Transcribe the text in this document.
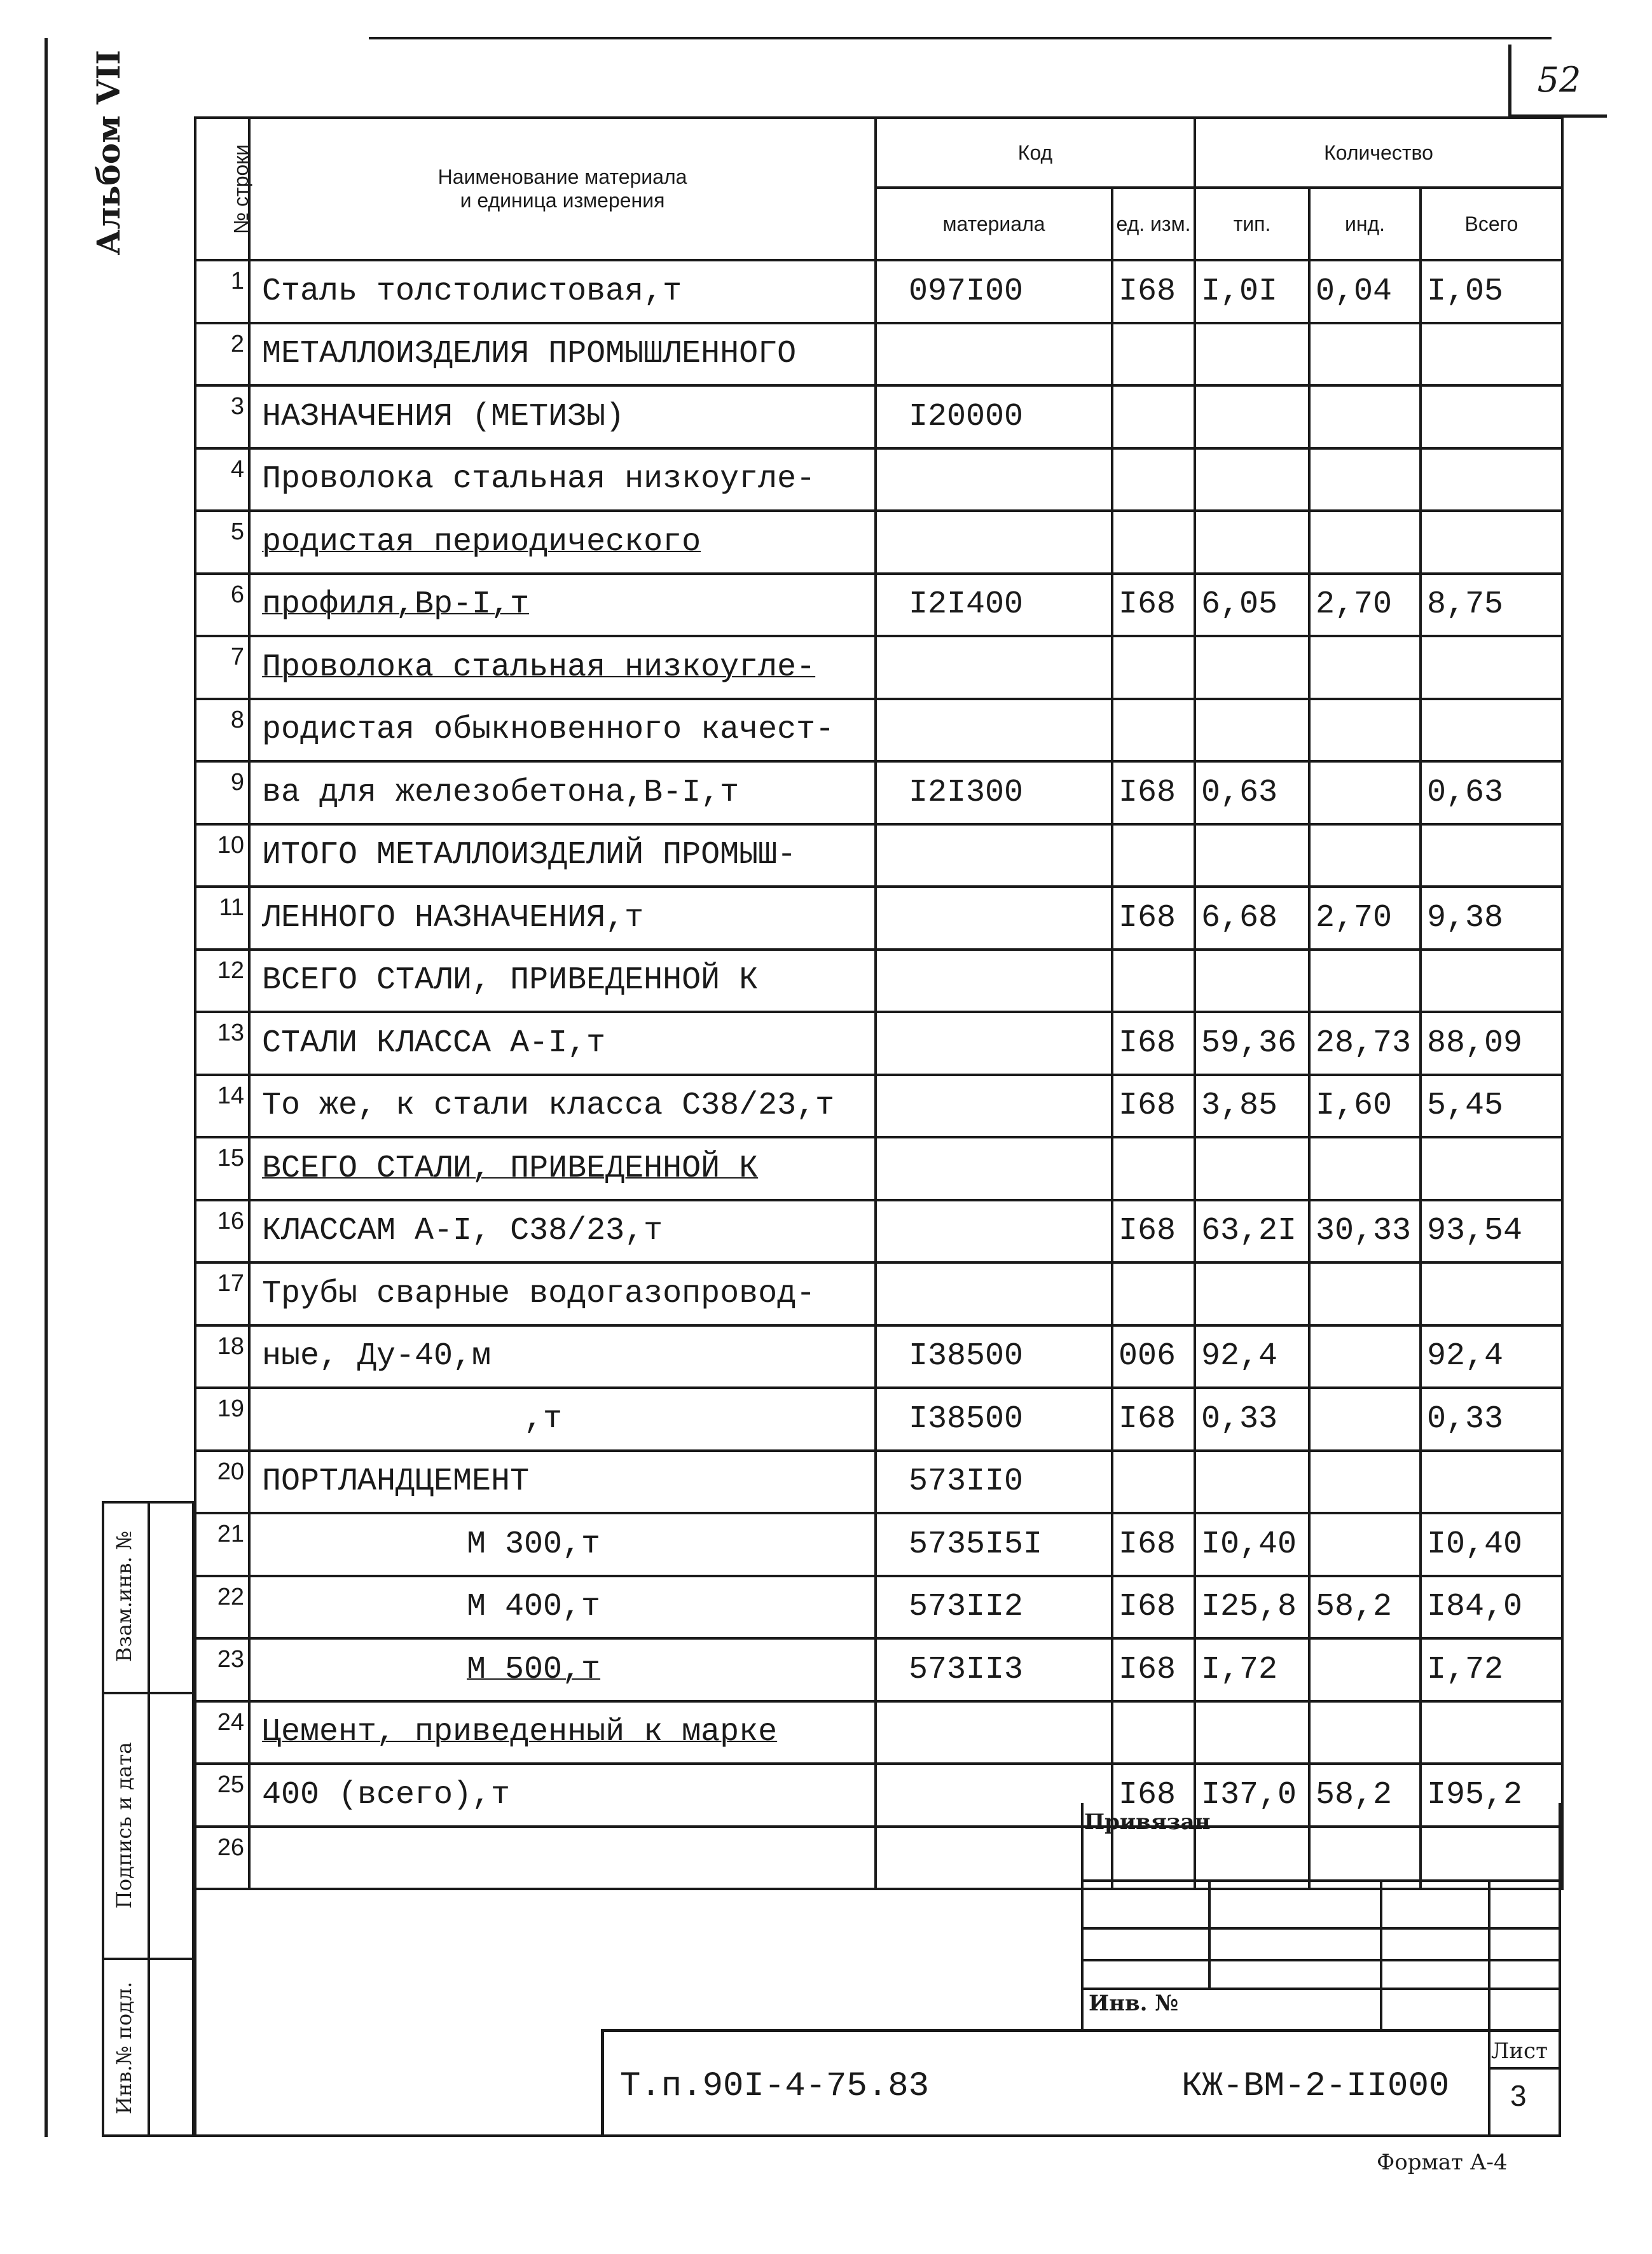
52
Альбом VII	№ строки	Наименование материала
и единица измерения	Код		Количество		
		материала	ед. изм.	тип.	инд.	Всего
1	Сталь толстолистовая,т	097I00	I68	I,0I	0,04	I,05
2	МЕТАЛЛОИЗДЕЛИЯ ПРОМЫШЛЕННОГО					
3	НАЗНАЧЕНИЯ (МЕТИЗЫ)	I20000				
4	Проволока стальная низкоугле-					
5	родистая периодического					
6	профиля,Вр-I,т	I2I400	I68	6,05	2,70	8,75
7	Проволока стальная низкоугле-					
8	родистая обыкновенного качест-					
9	ва для железобетона,В-I,т	I2I300	I68	0,63		0,63
10	ИТОГО МЕТАЛЛОИЗДЕЛИЙ ПРОМЫШ-					
11	ЛЕННОГО НАЗНАЧЕНИЯ,т		I68	6,68	2,70	9,38
12	ВСЕГО СТАЛИ, ПРИВЕДЕННОЙ К					
13	СТАЛИ КЛАССА А-I,т		I68	59,36	28,73	88,09
14	То же, к стали класса С38/23,т		I68	3,85	I,60	5,45
15	ВСЕГО СТАЛИ, ПРИВЕДЕННОЙ К					
16	КЛАССАМ А-I, С38/23,т		I68	63,2I	30,33	93,54
17	Трубы сварные водогазопровод-					
18	ные, Ду-40,м	I38500	006	92,4		92,4
19	,т	I38500	I68	0,33		0,33
20	ПОРТЛАНДЦЕМЕНТ	573II0				
21	М 300,т	5735I5I	I68	I0,40		I0,40
22	М 400,т	573II2	I68	I25,8	58,2	I84,0
23	М 500,т	573II3	I68	I,72		I,72
24	Цемент, приведенный к марке					
25	400 (всего),т		I68	I37,0	58,2	I95,2
26						
Взам.инв. №
Подпись и дата
Инв.№ подл.
Привязан
Инв. №
Т.п.90I-4-75.83	КЖ-ВМ-2-II000
Лист
3
Формат А-4
